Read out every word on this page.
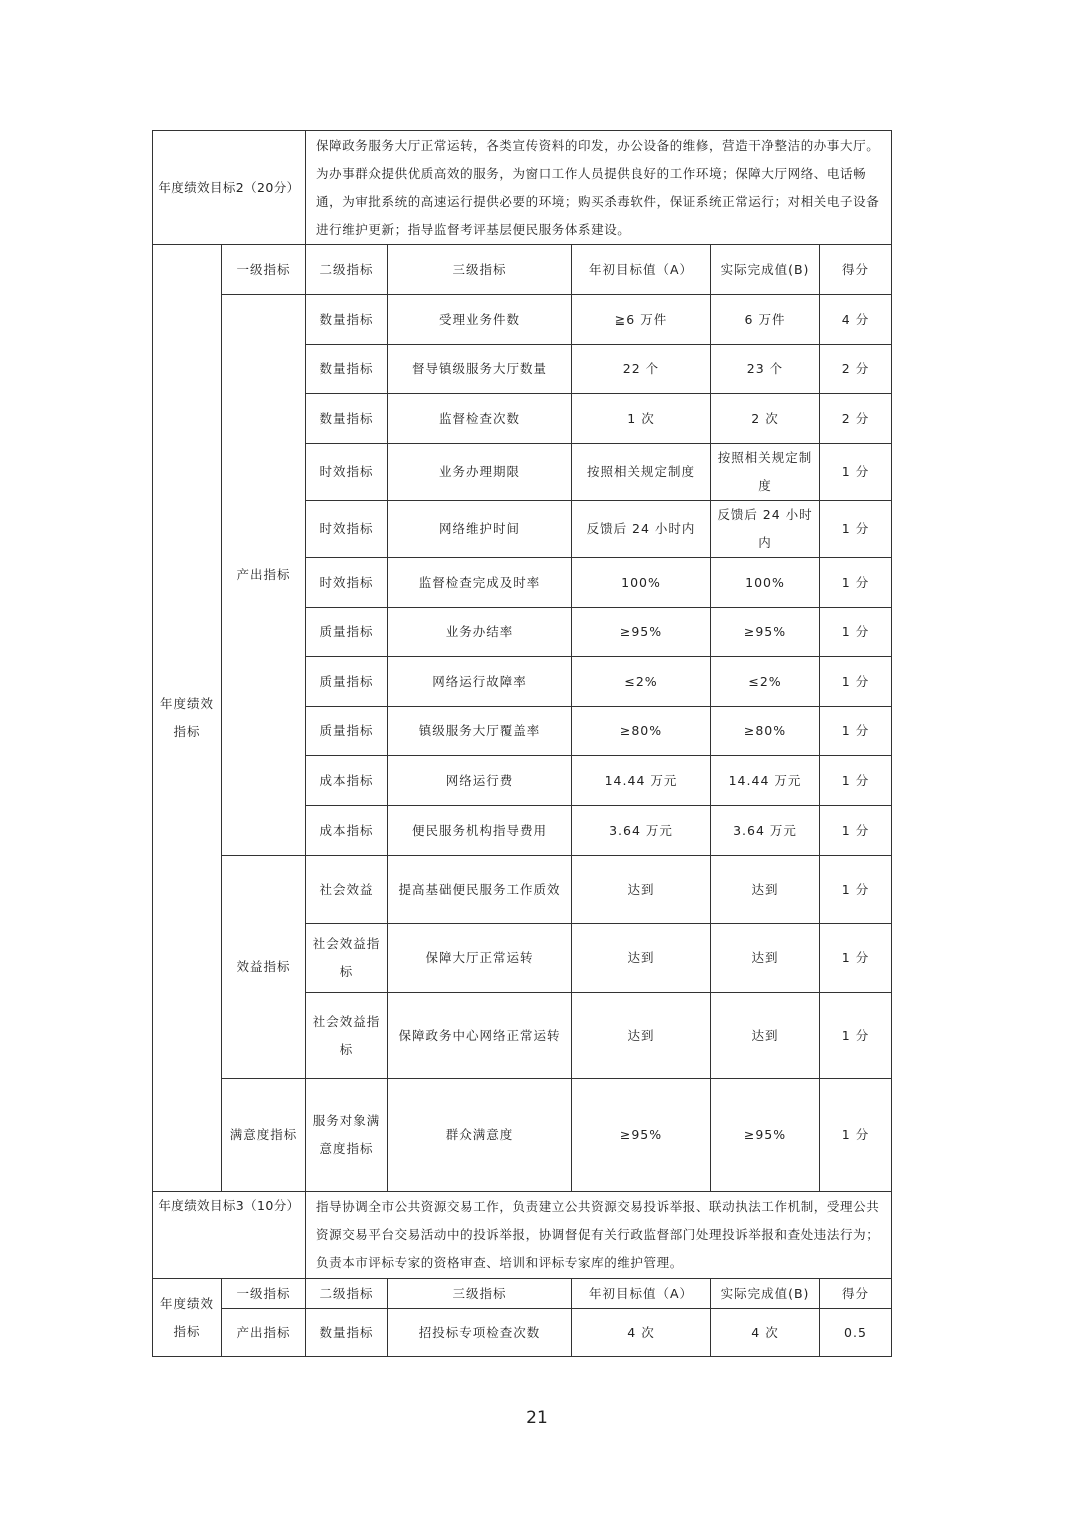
年度绩效目标2（20分）		保障政务服务大厅正常运转，各类宣传资料的印发，办公设备的维修，营造干净整洁的办事大厅。为办事群众提供优质高效的服务，为窗口工作人员提供良好的工作环境；保障大厅网络、电话畅通，为审批系统的高速运行提供必要的环境；购买杀毒软件，保证系统正常运行；对相关电子设备进行维护更新；指导监督考评基层便民服务体系建设。				
年度绩效指标	一级指标	二级指标	三级指标	年初目标值（A）	实际完成值(B)	得分
	产出指标	数量指标	受理业务件数	≧6 万件	6 万件	4 分
		数量指标	督导镇级服务大厅数量	22 个	23 个	2 分
		数量指标	监督检查次数	1 次	2 次	2 分
		时效指标	业务办理期限	按照相关规定制度	按照相关规定制度	1 分
		时效指标	网络维护时间	反馈后 24 小时内	反馈后 24 小时内	1 分
		时效指标	监督检查完成及时率	100%	100%	1 分
		质量指标	业务办结率	≥95%	≥95%	1 分
		质量指标	网络运行故障率	≤2%	≤2%	1 分
		质量指标	镇级服务大厅覆盖率	≥80%	≥80%	1 分
		成本指标	网络运行费	14.44 万元	14.44 万元	1 分
		成本指标	便民服务机构指导费用	3.64 万元	3.64 万元	1 分
	效益指标	社会效益	提高基础便民服务工作质效	达到	达到	1 分
		社会效益指标	保障大厅正常运转	达到	达到	1 分
		社会效益指标	保障政务中心网络正常运转	达到	达到	1 分
	满意度指标	服务对象满意度指标	群众满意度	≥95%	≥95%	1 分
年度绩效目标3（10分）		指导协调全市公共资源交易工作，负责建立公共资源交易投诉举报、联动执法工作机制，受理公共资源交易平台交易活动中的投诉举报，协调督促有关行政监督部门处理投诉举报和查处违法行为；负责本市评标专家的资格审查、培训和评标专家库的维护管理。				
年度绩效指标	一级指标	二级指标	三级指标	年初目标值（A）	实际完成值(B)	得分
	产出指标	数量指标	招投标专项检查次数	4 次	4 次	0.5
21
